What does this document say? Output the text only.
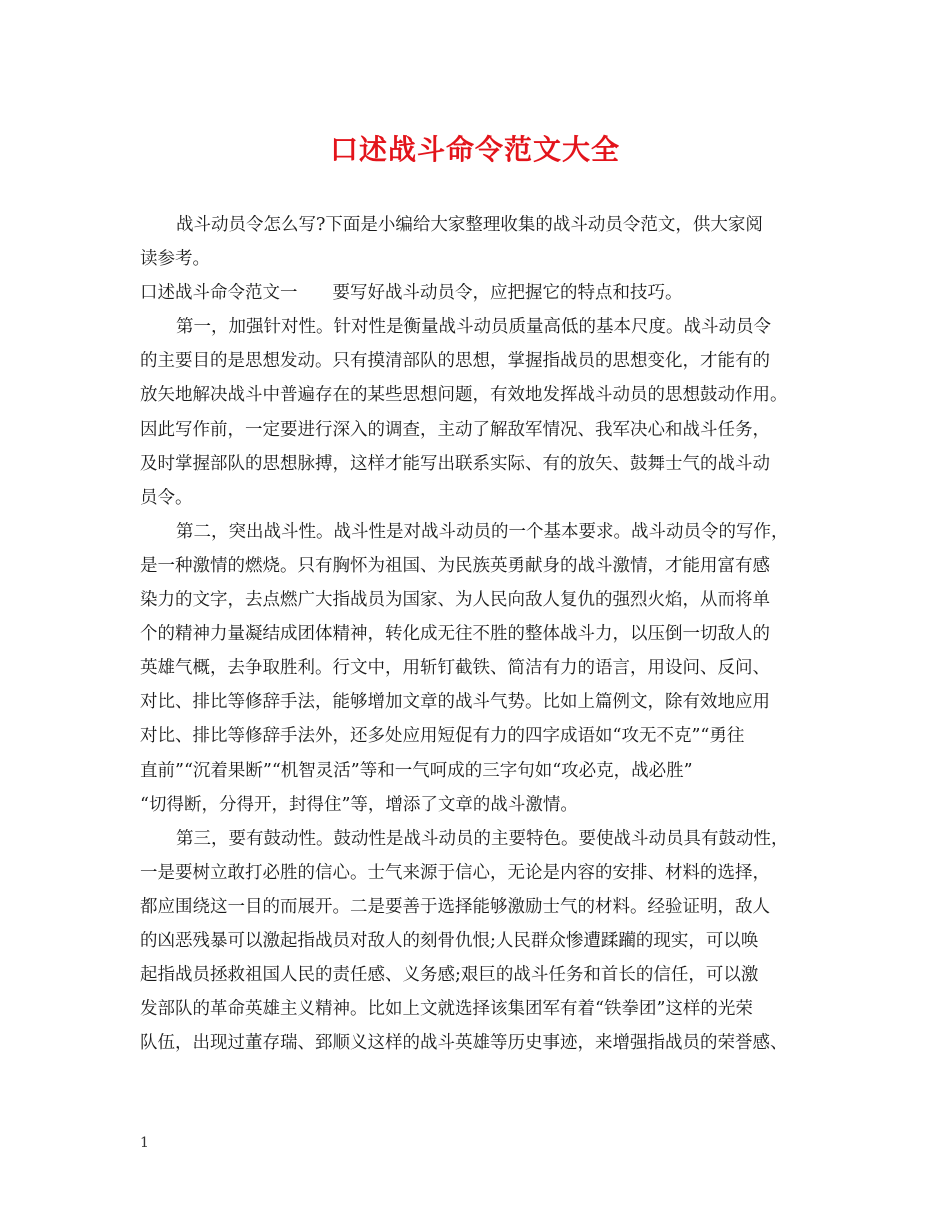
口述战斗命令范文大全
战斗动员令怎么写?下面是小编给大家整理收集的战斗动员令范文，供大家阅
读参考。
口述战斗命令范文一　　要写好战斗动员令，应把握它的特点和技巧。
第一，加强针对性。针对性是衡量战斗动员质量高低的基本尺度。战斗动员令
的主要目的是思想发动。只有摸清部队的思想，掌握指战员的思想变化，才能有的
放矢地解决战斗中普遍存在的某些思想问题，有效地发挥战斗动员的思想鼓动作用。
因此写作前，一定要进行深入的调查，主动了解敌军情况、我军决心和战斗任务，
及时掌握部队的思想脉搏，这样才能写出联系实际、有的放矢、鼓舞士气的战斗动
员令。
第二，突出战斗性。战斗性是对战斗动员的一个基本要求。战斗动员令的写作，
是一种激情的燃烧。只有胸怀为祖国、为民族英勇献身的战斗激情，才能用富有感
染力的文字，去点燃广大指战员为国家、为人民向敌人复仇的强烈火焰，从而将单
个的精神力量凝结成团体精神，转化成无往不胜的整体战斗力，以压倒一切敌人的
英雄气概，去争取胜利。行文中，用斩钉截铁、简洁有力的语言，用设问、反问、
对比、排比等修辞手法，能够增加文章的战斗气势。比如上篇例文，除有效地应用
对比、排比等修辞手法外，还多处应用短促有力的四字成语如“攻无不克”“勇往
直前”“沉着果断”“机智灵活”等和一气呵成的三字句如“攻必克，战必胜”
“切得断，分得开，封得住”等，增添了文章的战斗激情。
第三，要有鼓动性。鼓动性是战斗动员的主要特色。要使战斗动员具有鼓动性，
一是要树立敢打必胜的信心。士气来源于信心，无论是内容的安排、材料的选择，
都应围绕这一目的而展开。二是要善于选择能够激励士气的材料。经验证明，敌人
的凶恶残暴可以激起指战员对敌人的刻骨仇恨;人民群众惨遭蹂躏的现实，可以唤
起指战员拯救祖国人民的责任感、义务感;艰巨的战斗任务和首长的信任，可以激
发部队的革命英雄主义精神。比如上文就选择该集团军有着“铁拳团”这样的光荣
队伍，出现过董存瑞、郅顺义这样的战斗英雄等历史事迹，来增强指战员的荣誉感、
1
